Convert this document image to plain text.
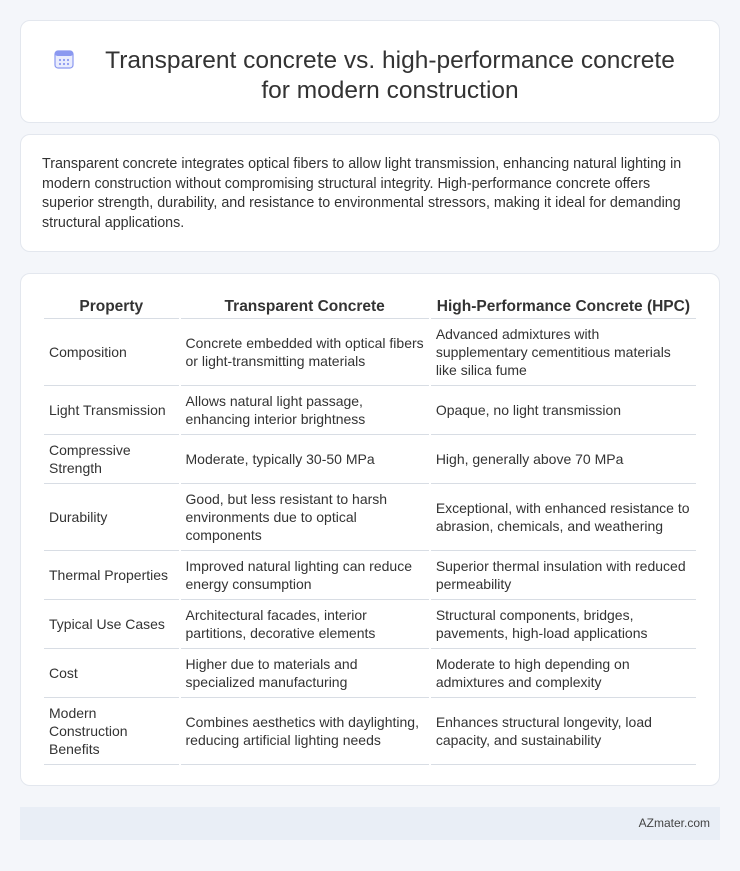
Transparent concrete vs. high-performance concrete for modern construction

Transparent concrete integrates optical fibers to allow light transmission, enhancing natural lighting in modern construction without compromising structural integrity. High-performance concrete offers superior strength, durability, and resistance to environmental stressors, making it ideal for demanding structural applications.

Property	Transparent Concrete	High-Performance Concrete (HPC)
Composition	Concrete embedded with optical fibers or light-transmitting materials	Advanced admixtures with supplementary cementitious materials like silica fume
Light Transmission	Allows natural light passage, enhancing interior brightness	Opaque, no light transmission
Compressive Strength	Moderate, typically 30-50 MPa	High, generally above 70 MPa
Durability	Good, but less resistant to harsh environments due to optical components	Exceptional, with enhanced resistance to abrasion, chemicals, and weathering
Thermal Properties	Improved natural lighting can reduce energy consumption	Superior thermal insulation with reduced permeability
Typical Use Cases	Architectural facades, interior partitions, decorative elements	Structural components, bridges, pavements, high-load applications
Cost	Higher due to materials and specialized manufacturing	Moderate to high depending on admixtures and complexity
Modern Construction Benefits	Combines aesthetics with daylighting, reducing artificial lighting needs	Enhances structural longevity, load capacity, and sustainability
AZmater.com
